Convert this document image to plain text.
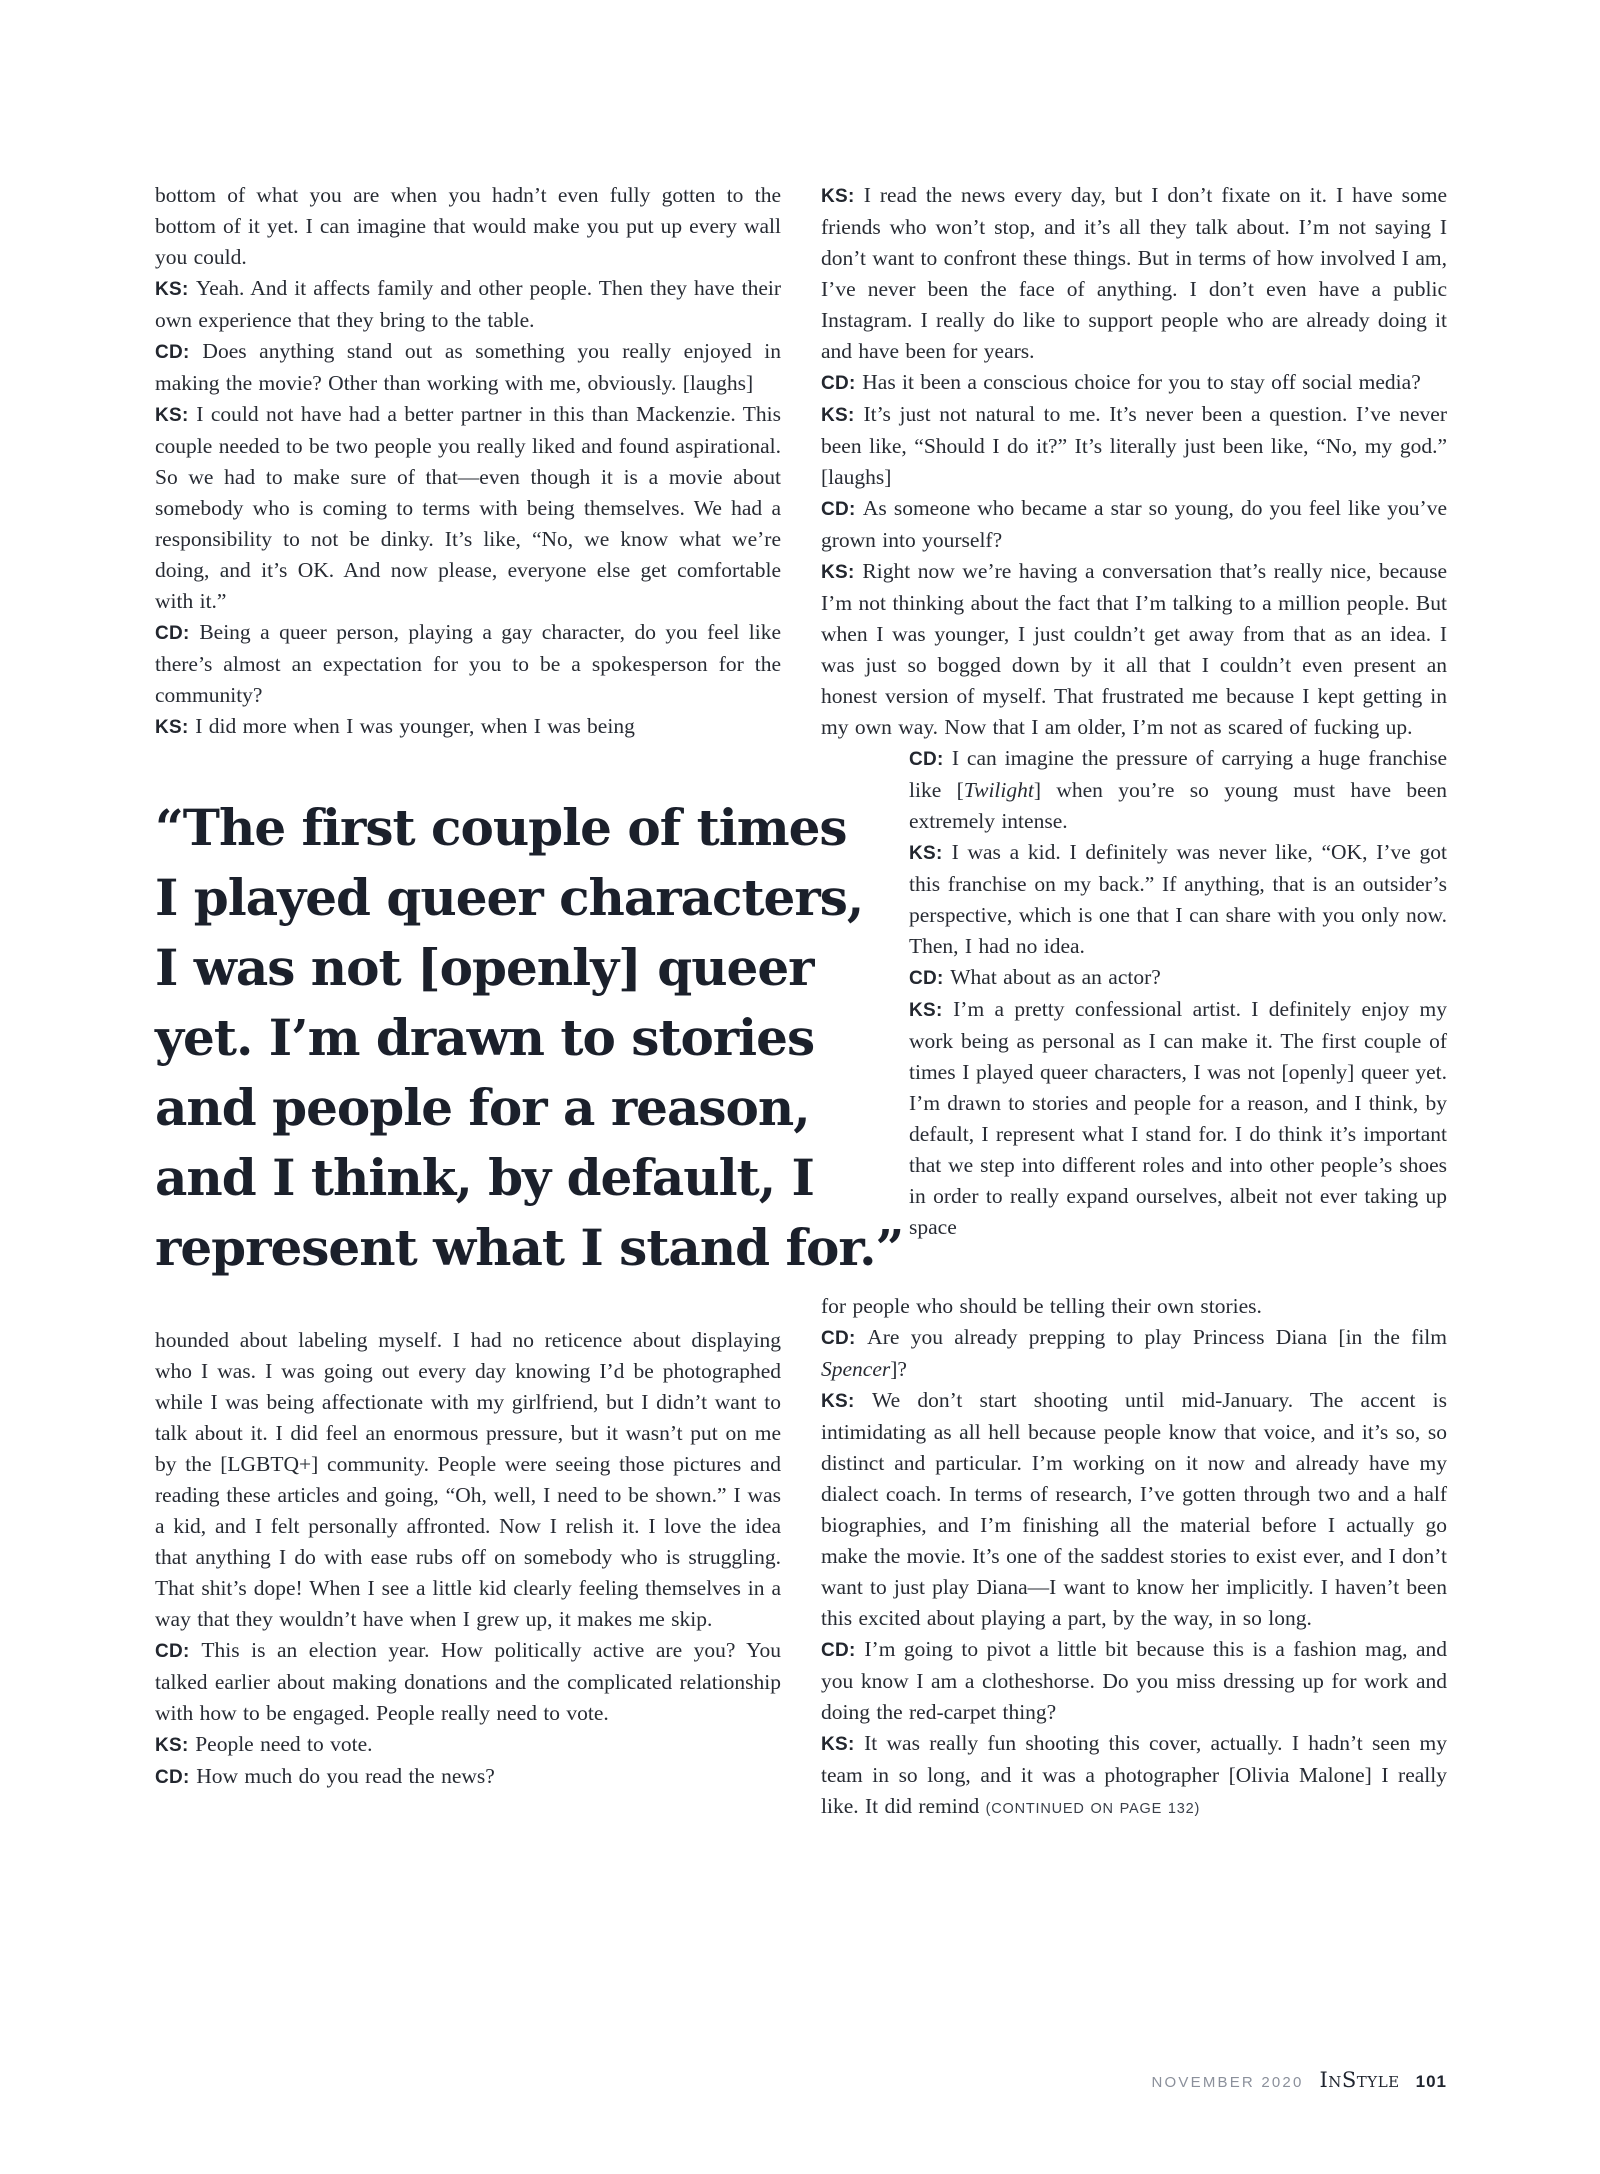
bottom of what you are when you hadn’t even fully gotten to the bottom of it yet. I can imagine that would make you put up every wall you could.

KS: Yeah. And it affects family and other people. Then they have their own experience that they bring to the table.

CD: Does anything stand out as something you really enjoyed in making the movie? Other than working with me, obviously. [laughs]

KS: I could not have had a better partner in this than Mackenzie. This couple needed to be two people you really liked and found aspirational. So we had to make sure of that—even though it is a movie about somebody who is coming to terms with being themselves. We had a responsibility to not be dinky. It’s like, “No, we know what we’re doing, and it’s OK. And now please, everyone else get comfortable with it.”

CD: Being a queer person, playing a gay character, do you feel like there’s almost an expectation for you to be a spokesperson for the community?

KS: I did more when I was younger, when I was being

“The first couple of times
I played queer characters,
I was not [openly] queer
yet. I’m drawn to stories
and people for a reason,
and I think, by default, I
represent what I stand for.”

hounded about labeling myself. I had no reticence about displaying who I was. I was going out every day knowing I’d be photographed while I was being affectionate with my girlfriend, but I didn’t want to talk about it. I did feel an enormous pressure, but it wasn’t put on me by the [LGBTQ+] community. People were seeing those pictures and reading these articles and going, “Oh, well, I need to be shown.” I was a kid, and I felt personally affronted. Now I relish it. I love the idea that anything I do with ease rubs off on somebody who is struggling. That shit’s dope! When I see a little kid clearly feeling themselves in a way that they wouldn’t have when I grew up, it makes me skip.

CD: This is an election year. How politically active are you? You talked earlier about making donations and the complicated relationship with how to be engaged. People really need to vote.

KS: People need to vote.

CD: How much do you read the news?

KS: I read the news every day, but I don’t fixate on it. I have some friends who won’t stop, and it’s all they talk about. I’m not saying I don’t want to confront these things. But in terms of how involved I am, I’ve never been the face of anything. I don’t even have a public Instagram. I really do like to support people who are already doing it and have been for years.

CD: Has it been a conscious choice for you to stay off social media?

KS: It’s just not natural to me. It’s never been a question. I’ve never been like, “Should I do it?” It’s literally just been like, “No, my god.” [laughs]

CD: As someone who became a star so young, do you feel like you’ve grown into yourself?

KS: Right now we’re having a conversation that’s really nice, because I’m not thinking about the fact that I’m talking to a million people. But when I was younger, I just couldn’t get away from that as an idea. I was just so bogged down by it all that I couldn’t even present an honest version of myself. That frustrated me because I kept getting in my own way. Now that I am older, I’m not as scared of fucking up.

CD: I can imagine the pressure of carrying a huge franchise like [Twilight] when you’re so young must have been extremely intense.

KS: I was a kid. I definitely was never like, “OK, I’ve got this franchise on my back.” If anything, that is an outsider’s perspective, which is one that I can share with you only now. Then, I had no idea.

CD: What about as an actor?

KS: I’m a pretty confessional artist. I definitely enjoy my work being as personal as I can make it. The first couple of times I played queer characters, I was not [openly] queer yet. I’m drawn to stories and people for a reason, and I think, by default, I represent what I stand for. I do think it’s important that we step into different roles and into other people’s shoes in order to really expand ourselves, albeit not ever taking up space

for people who should be telling their own stories.

CD: Are you already prepping to play Princess Diana [in the film Spencer]?

KS: We don’t start shooting until mid-January. The accent is intimidating as all hell because people know that voice, and it’s so, so distinct and particular. I’m working on it now and already have my dialect coach. In terms of research, I’ve gotten through two and a half biographies, and I’m finishing all the material before I actually go make the movie. It’s one of the saddest stories to exist ever, and I don’t want to just play Diana—I want to know her implicitly. I haven’t been this excited about playing a part, by the way, in so long.

CD: I’m going to pivot a little bit because this is a fashion mag, and you know I am a clotheshorse. Do you miss dressing up for work and doing the red-carpet thing?

KS: It was really fun shooting this cover, actually. I hadn’t seen my team in so long, and it was a photographer [Olivia Malone] I really like. It did remind (CONTINUED ON PAGE 132)

NOVEMBER 2020 InStyle 101
